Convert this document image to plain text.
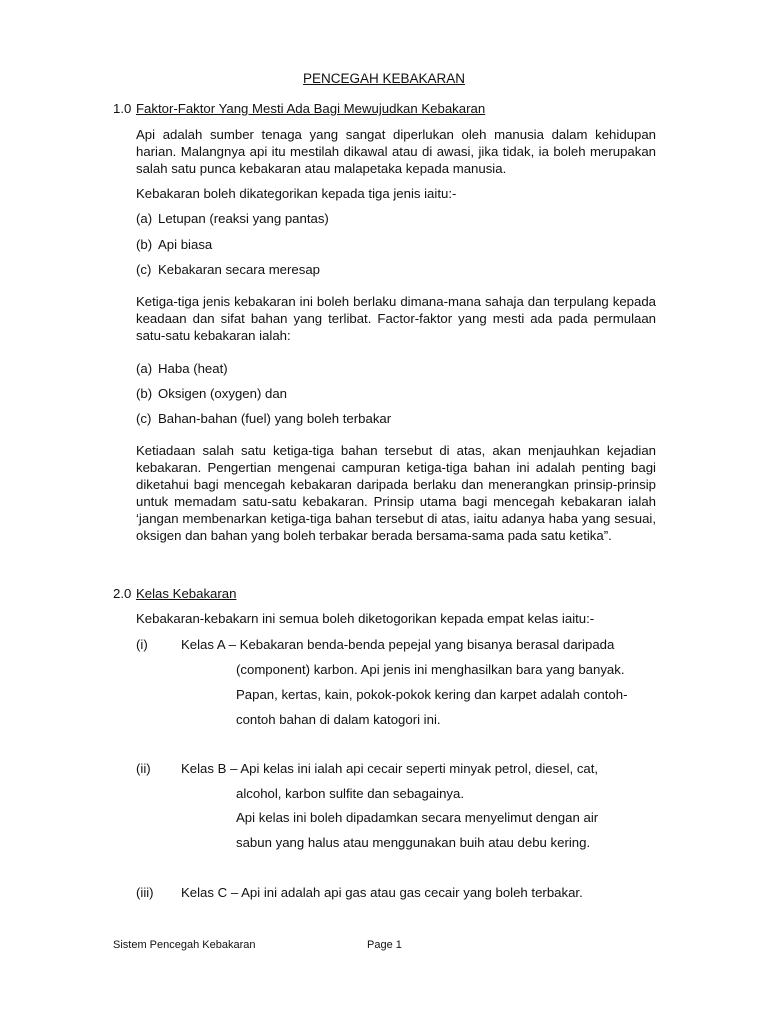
PENCEGAH KEBAKARAN
1.0 Faktor-Faktor Yang Mesti Ada Bagi Mewujudkan Kebakaran
Api adalah sumber tenaga yang sangat diperlukan oleh manusia dalam kehidupan harian. Malangnya api itu mestilah dikawal atau di awasi, jika tidak, ia boleh merupakan salah satu punca kebakaran atau malapetaka kepada manusia.
Kebakaran boleh dikategorikan kepada tiga jenis iaitu:-
(a) Letupan (reaksi yang pantas)
(b) Api biasa
(c) Kebakaran secara meresap
Ketiga-tiga jenis kebakaran ini boleh berlaku dimana-mana sahaja dan terpulang kepada keadaan dan sifat bahan yang terlibat. Factor-faktor yang mesti ada pada permulaan satu-satu kebakaran ialah:
(a) Haba (heat)
(b) Oksigen (oxygen) dan
(c) Bahan-bahan (fuel) yang boleh terbakar
Ketiadaan salah satu ketiga-tiga bahan tersebut di atas, akan menjauhkan kejadian kebakaran. Pengertian mengenai campuran ketiga-tiga bahan ini adalah penting bagi diketahui bagi mencegah kebakaran daripada berlaku dan menerangkan prinsip-prinsip untuk memadam satu-satu kebakaran. Prinsip utama bagi mencegah kebakaran ialah ‘jangan membenarkan ketiga-tiga bahan tersebut di atas, iaitu adanya haba yang sesuai, oksigen dan bahan yang boleh terbakar berada bersama-sama pada satu ketika”.
2.0 Kelas Kebakaran
Kebakaran-kebakarn ini semua boleh diketogorikan kepada empat kelas iaitu:-
(i)	Kelas A – Kebakaran benda-benda pepejal yang bisanya berasal daripada
(component) karbon. Api jenis ini menghasilkan bara yang banyak.
Papan, kertas, kain, pokok-pokok kering dan karpet adalah contoh-
contoh bahan di dalam katogori ini.
(ii) Kelas B – Api kelas ini ialah api cecair seperti minyak petrol, diesel, cat,
alcohol, karbon sulfite dan sebagainya.
Api kelas ini boleh dipadamkan secara menyelimut dengan air
sabun yang halus atau menggunakan buih atau debu kering.
(iii) Kelas C – Api ini adalah api gas atau gas cecair yang boleh terbakar.
Sistem Pencegah Kebakaran	Page 1
